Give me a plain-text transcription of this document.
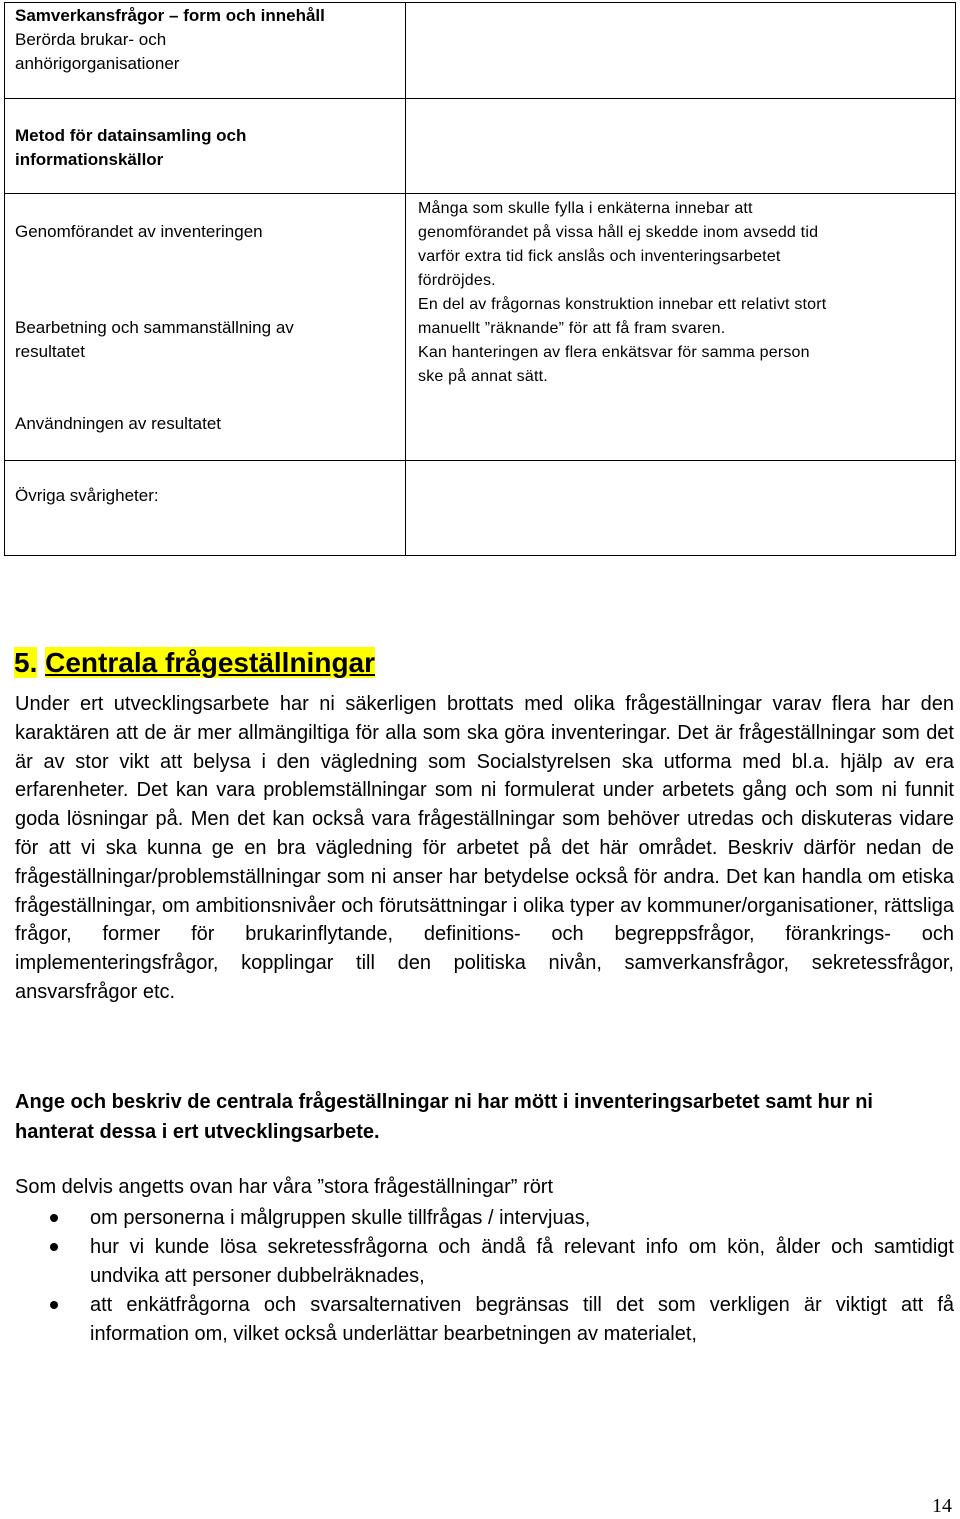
Samverkansfrågor – form och innehåll
Berörda brukar- och
anhörigorganisationer
Metod för datainsamling och
informationskällor
Genomförandet av inventeringen
Bearbetning och sammanställning av
resultatet
Användningen av resultatet
Övriga svårigheter:
Många som skulle fylla i enkäterna innebar att
genomförandet på vissa håll ej skedde inom avsedd tid
varför extra tid fick anslås och inventeringsarbetet
fördröjdes.
En del av frågornas konstruktion innebar ett relativt stort
manuellt ”räknande” för att få fram svaren.
Kan hanteringen av flera enkätsvar för samma person
ske på annat sätt.
5. Centrala frågeställningar
Under ert utvecklingsarbete har ni säkerligen brottats med olika frågeställningar varav flera har den karaktären att de är mer allmängiltiga för alla som ska göra inventeringar. Det är frågeställningar som det är av stor vikt att belysa i den vägledning som Socialstyrelsen ska utforma med bl.a. hjälp av era erfarenheter. Det kan vara problemställningar som ni formulerat under arbetets gång och som ni funnit goda lösningar på. Men det kan också vara frågeställningar som behöver utredas och diskuteras vidare för att vi ska kunna ge en bra vägledning för arbetet på det här området. Beskriv därför nedan de frågeställningar/problemställningar som ni anser har betydelse också för andra. Det kan handla om etiska frågeställningar, om ambitionsnivåer och förutsättningar i olika typer av kommuner/organisationer, rättsliga frågor, former för brukarinflytande, definitions- och begreppsfrågor, förankrings- och implementeringsfrågor, kopplingar till den politiska nivån, samverkansfrågor, sekretessfrågor, ansvarsfrågor etc.
Ange och beskriv de centrala frågeställningar ni har mött i inventeringsarbetet samt hur ni hanterat dessa i ert utvecklingsarbete.
Som delvis angetts ovan har våra ”stora frågeställningar” rört
om personerna i målgruppen skulle tillfrågas / intervjuas,
hur vi kunde lösa sekretessfrågorna och ändå få relevant info om kön, ålder och samtidigt undvika att personer dubbelräknades,
att enkätfrågorna och svarsalternativen begränsas till det som verkligen är viktigt att få information om, vilket också underlättar bearbetningen av materialet,
14
